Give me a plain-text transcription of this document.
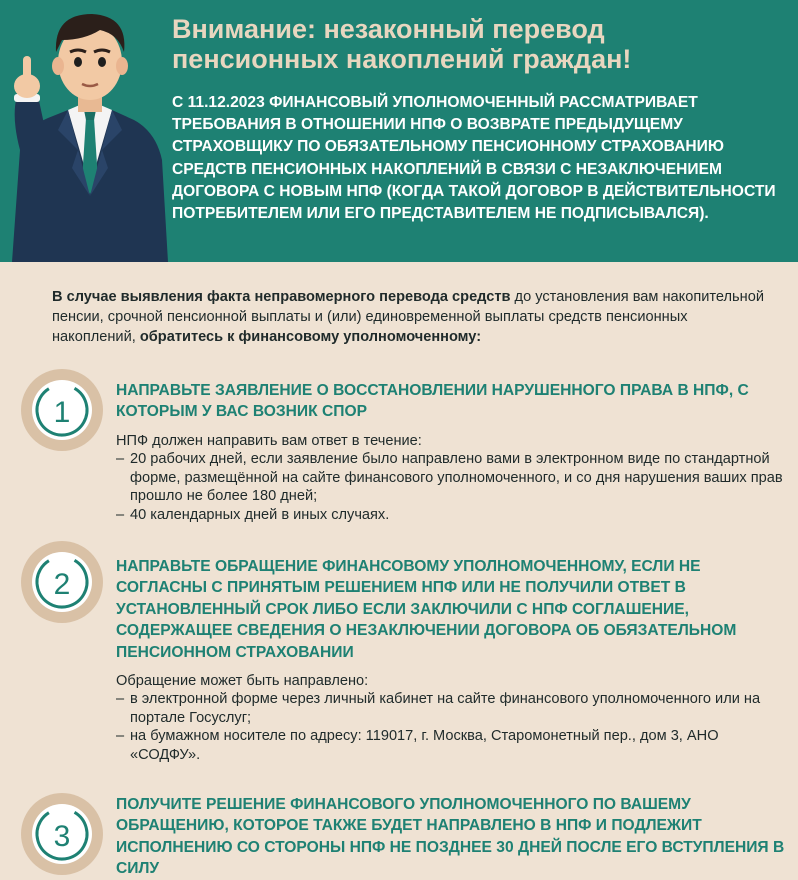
Внимание: незаконный перевод
пенсионных накоплений граждан!

С 11.12.2023 ФИНАНСОВЫЙ УПОЛНОМОЧЕННЫЙ РАССМАТРИВАЕТ ТРЕБОВАНИЯ В ОТНОШЕНИИ НПФ О ВОЗВРАТЕ ПРЕДЫДУЩЕМУ СТРАХОВЩИКУ ПО ОБЯЗАТЕЛЬНОМУ ПЕНСИОННОМУ СТРАХОВАНИЮ СРЕДСТВ ПЕНСИОННЫХ НАКОПЛЕНИЙ В СВЯЗИ С НЕЗАКЛЮЧЕНИЕМ ДОГОВОРА С НОВЫМ НПФ (КОГДА ТАКОЙ ДОГОВОР В ДЕЙСТВИТЕЛЬНОСТИ ПОТРЕБИТЕЛЕМ ИЛИ ЕГО ПРЕДСТАВИТЕЛЕМ НЕ ПОДПИСЫВАЛСЯ).

В случае выявления факта неправомерного перевода средств до установления вам накопительной пенсии, срочной пенсионной выплаты и (или) единовременной выплаты средств пенсионных накоплений, обратитесь к финансовому уполномоченному:

1
НАПРАВЬТЕ ЗАЯВЛЕНИЕ О ВОССТАНОВЛЕНИИ НАРУШЕННОГО ПРАВА В НПФ, С КОТОРЫМ У ВАС ВОЗНИК СПОР

НПФ должен направить вам ответ в течение:

– 20 рабочих дней, если заявление было направлено вами в электронном виде по стандартной форме, размещённой на сайте финансового уполномоченного, и со дня нарушения ваших прав прошло не более 180 дней;
– 40 календарных дней в иных случаях.
2
НАПРАВЬТЕ ОБРАЩЕНИЕ ФИНАНСОВОМУ УПОЛНОМОЧЕННОМУ, ЕСЛИ НЕ СОГЛАСНЫ С ПРИНЯТЫМ РЕШЕНИЕМ НПФ ИЛИ НЕ ПОЛУЧИЛИ ОТВЕТ В УСТАНОВЛЕННЫЙ СРОК ЛИБО ЕСЛИ ЗАКЛЮЧИЛИ С НПФ СОГЛАШЕНИЕ, СОДЕРЖАЩЕЕ СВЕДЕНИЯ О НЕЗАКЛЮЧЕНИИ ДОГОВОРА ОБ ОБЯЗАТЕЛЬНОМ ПЕНСИОННОМ СТРАХОВАНИИ

Обращение может быть направлено:

– в электронной форме через личный кабинет на сайте финансового уполномоченного или на портале Госуслуг;
– на бумажном носителе по адресу: 119017, г. Москва, Старомонетный пер., дом 3, АНО «СОДФУ».
3
ПОЛУЧИТЕ РЕШЕНИЕ ФИНАНСОВОГО УПОЛНОМОЧЕННОГО ПО ВАШЕМУ ОБРАЩЕНИЮ, КОТОРОЕ ТАКЖЕ БУДЕТ НАПРАВЛЕНО В НПФ И ПОДЛЕЖИТ ИСПОЛНЕНИЮ СО СТОРОНЫ НПФ НЕ ПОЗДНЕЕ 30 ДНЕЙ ПОСЛЕ ЕГО ВСТУПЛЕНИЯ В СИЛУ
